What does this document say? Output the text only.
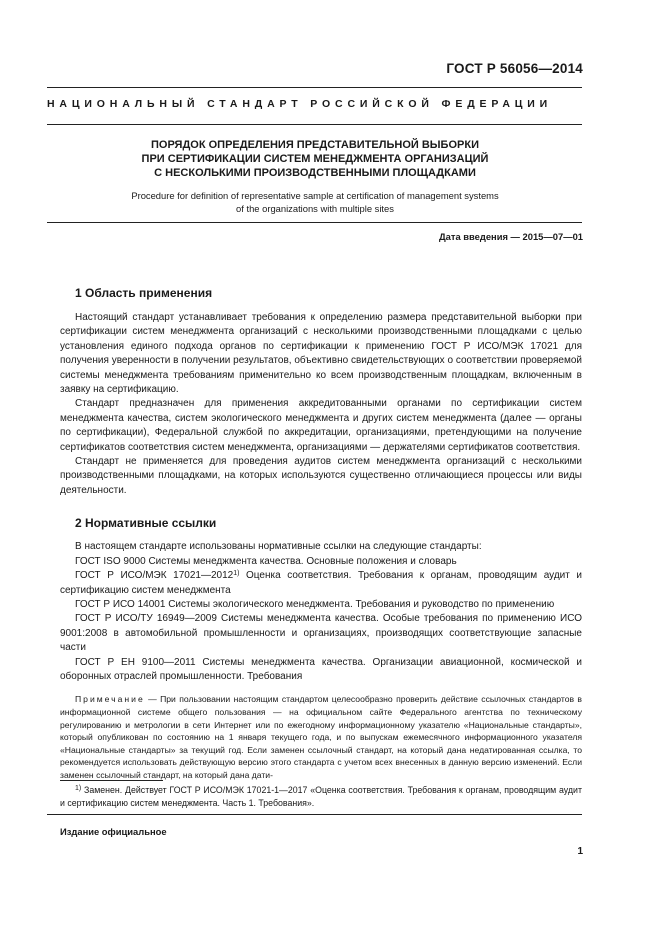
ГОСТ Р 56056—2014
НАЦИОНАЛЬНЫЙ СТАНДАРТ РОССИЙСКОЙ ФЕДЕРАЦИИ
ПОРЯДОК ОПРЕДЕЛЕНИЯ ПРЕДСТАВИТЕЛЬНОЙ ВЫБОРКИ
ПРИ СЕРТИФИКАЦИИ СИСТЕМ МЕНЕДЖМЕНТА ОРГАНИЗАЦИЙ
С НЕСКОЛЬКИМИ ПРОИЗВОДСТВЕННЫМИ ПЛОЩАДКАМИ
Procedure for definition of representative sample at certification of management systems
of the organizations with multiple sites
Дата введения — 2015—07—01
1 Область применения

Настоящий стандарт устанавливает требования к определению размера представительной выборки при сертификации систем менеджмента организаций с несколькими производственными площадками с целью установления единого подхода органов по сертификации к применению ГОСТ Р ИСО/МЭК 17021 для получения уверенности в получении результатов, объективно свидетельствующих о соответствии проверяемой системы менеджмента требованиям применительно ко всем производственным площадкам, включенным в заявку на сертификацию.

Стандарт предназначен для применения аккредитованными органами по сертификации систем менеджмента качества, систем экологического менеджмента и других систем менеджмента (далее — органы по сертификации), Федеральной службой по аккредитации, организациями, претендующими на получение сертификатов соответствия систем менеджмента, организациями — держателями сертификатов соответствия.

Стандарт не применяется для проведения аудитов систем менеджмента организаций с несколькими производственными площадками, на которых используются существенно отличающиеся процессы или виды деятельности.

2 Нормативные ссылки

В настоящем стандарте использованы нормативные ссылки на следующие стандарты:

ГОСТ ISO 9000 Системы менеджмента качества. Основные положения и словарь

ГОСТ Р ИСО/МЭК 17021—2012$^{1)}$ Оценка соответствия. Требования к органам, проводящим аудит и сертификацию систем менеджмента

ГОСТ Р ИСО 14001 Системы экологического менеджмента. Требования и руководство по применению

ГОСТ Р ИСО/ТУ 16949—2009 Системы менеджмента качества. Особые требования по применению ИСО 9001:2008 в автомобильной промышленности и организациях, производящих соответствующие запасные части

ГОСТ Р ЕН 9100—2011 Системы менеджмента качества. Организации авиационной, космической и оборонных отраслей промышленности. Требования

Примечание — При пользовании настоящим стандартом целесообразно проверить действие ссылочных стандартов в информационной системе общего пользования — на официальном сайте Федерального агентства по техническому регулированию и метрологии в сети Интернет или по ежегодному информационному указателю «Национальные стандарты», который опубликован по состоянию на 1 января текущего года, и по выпускам ежемесячного информационного указателя «Национальные стандарты» за текущий год. Если заменен ссылочный стандарт, на который дана недатированная ссылка, то рекомендуется использовать действующую версию этого стандарта с учетом всех внесенных в данную версию изменений. Если заменен ссылочный стандарт, на который дана дати-
$^{1)}$ Заменен. Действует ГОСТ Р ИСО/МЭК 17021-1—2017 «Оценка соответствия. Требования к органам, проводящим аудит и сертификацию систем менеджмента. Часть 1. Требования».
Издание официальное
1
